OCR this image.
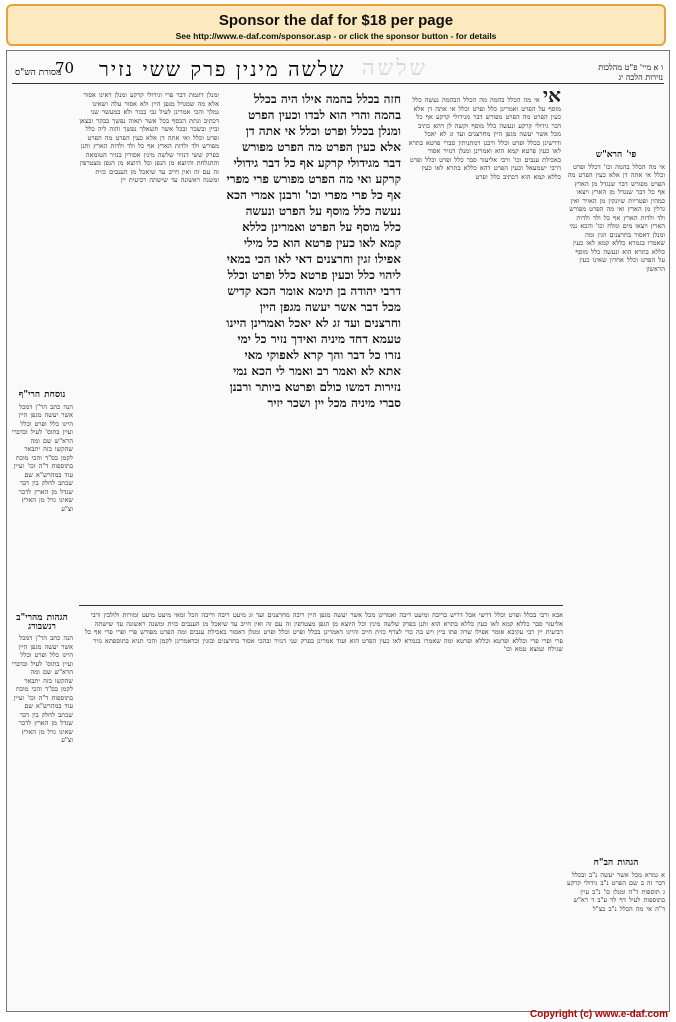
Sponsor the daf for $18 per page
See http://www.e-daf.com/sponsor.asp - or click the sponsor button - for details
מסורת הש"ס
70 שלשה מינין פרק ששי נזיר שלשה	ו א מיי' פ"ט מהלכות נזירות הלכה יג
נוסחת הרי"ף
הנה כתב הר"ן דמכל אשר יעשה מגפן היין היינו כלל ופרט וכלל ועיין בתוס' לעיל ובדברי הרא"ש שם ומה שהקשו בזה יתבאר לקמן בס"ד והכי מוכח בתוספות ד"ה וכו' ועיין עוד במהרש"א שם שכתב לחלק בין דבר שגדל מן הארץ לדבר שאינו גדל מן הארץ וצ"ע
הגהות מהרי"ב רנשבורג
הנה כתב הר"ן דמכל אשר יעשה מגפן היין היינו כלל ופרט וכלל ועיין בתוס' לעיל ובדברי הרא"ש שם ומה שהקשו בזה יתבאר לקמן בס"ד והכי מוכח בתוספות ד"ה וכו' ועיין עוד במהרש"א שם שכתב לחלק בין דבר שגדל מן הארץ לדבר שאינו גדל מן הארץ וצ"ע
ומנלן דוגמת דבר פרי וגידולי קרקע ומנלן דאינו אסור אלא מה שמגדל מגפן היין ולא אסור עלה ושאינו נמלך והכי אמרינן לעיל גבי בכור ולא במעשר שני דכתיב ונתת הכסף בכל אשר תאוה נפשך בבקר ובצאן וביין ובשכר ובכל אשר תשאלך נפשך והוה ליה כלל ופרט וכלל ואי אתה דן אלא כעין הפרט מה הפרט מפורש ולד ולדות הארץ אף כל ולד ולדות הארץ ותנן בפרק ששי דנזיר שלשה מינין אסורין בנזיר הטומאה והתגלחת והיוצא מן הגפן וכל היוצא מן הגפן מצטרפין זה עם זה ואין חייב עד שיאכל מן הענבים כזית ומשנה ראשונה עד שישתה רביעית יין
חזה בכלל בהמה אילו היה בכלל בהמה והרי הוא לבדו וכעין הפרט ומנלן בכלל ופרט וכלל אי אתה דן אלא כעין הפרט מה הפרט מפורש דבר מגידולי קרקע אף כל דבר גידולי קרקע ואי מה הפרט מפורש פרי מפרי אף כל פרי מפרי וכו' ורבנן אמרי הכא נעשה כלל מוסף על הפרט ונעשה כלל מוסף על הפרט ואמרינן כללא קמא לאו כעין פרטא הוא כל מילי אפילו זגין וחרצנים דאי לאו הכי במאי ליהוי כלל וכעין פרטא כלל ופרט וכלל דרבי יהודה בן תימא אומר הכא קדיש מכל דבר אשר יעשה מגפן היין וחרצנים ועד זג לא יאכל ואמרינן היינו טעמא דחד מיניה ואידך נזיר כל ימי נזרו כל דבר והך קרא לאפוקי מאי אתא לא ואמר רב ואמר לי הכא נמי נזירות דמשו כולם ופרטא ביותר ורבנן סברי מיניה מכל יין ושכר יזיר
אי אי מה הכלל בהמה מה הכלל הבהמה נעשה כלל מוסף על הפרט ואמרינן כלל ופרט וכלל אי אתה דן אלא כעין הפרט מה הפרט מפורש דבר מגידולי קרקע אף כל דבר גידולי קרקע ונעשה כלל מוסף וקשה לן דהא כתיב מכל אשר יעשה מגפן היין מחרצנים ועד זג לא יאכל ודרשינן בכלל ופרט וכלל ורבנן דמתניתין סברי פרטא בתרא לאו כעין פרטא קמא הוא ואמרינן ומנלן דנזיר אסור באכילת ענבים וכו' ורבי אליעזר סבר כלל ופרט וכלל ופרט דרבי ישמעאל וכעין הפרט דהא כללא בתרא לאו כעין כללא קמא הוא דכתיב כלל ופרט
פי' הרא"ש
אי מה הכלל בהמה וכו' דכלל ופרט וכלל אי אתה דן אלא כעין הפרט מה הפרט מפורש דבר שנגדל מן הארץ אף כל דבר שנגדל מן הארץ ויצאו כמהין ופטריות שיונקין מן האויר ואין גדלין מן הארץ ואי מה הפרט מפורש ולד ולדות הארץ אף כל ולד ולדות הארץ ויצאו מים ומלח וכו' והכא נמי ומנלן דאסור בחרצנים וזגין ומה שאמרו בגמרא כללא קמא לאו כעין כללא בתרא הוא ונעשה כלל מוסף על הפרט וכלל אחרון שאינו כעין הראשון
אבא ורבי בכלל ופרט וכלל דרשי אבל דריש בריבה ומיעט ריבה ואמרינן מכל אשר יעשה מגפן היין ריבה מחרצנים ועד זג מיעט ריבה וריבה הכל ומאי מיעט מיעט זמורות ולולבין ורבי אליעזר סבר כללא קמא לאו כעין כללא בתרא הוא ותנן בפרק שלשה מינין וכל היוצא מן הגפן מצטרפין זה עם זה ואין חייב עד שיאכל מן הענבים כזית ומשנה ראשונה עד שישתה רביעית יין רבי עקיבא אומר אפילו שרה פתו ביין ויש בה כדי לצרף כזית חייב והיינו דאמרינן בכלל ופרט וכלל ופרט ומנלן דאסור באכילת ענבים ומה הפרט מפורש פרי ופרי פרי אף כל פרי ופרי פרי וכללא ופרטא וכללא ופרטא ומה שאמרו בגמרא לאו כעין הפרט הוא ועוד אמרינן בפרק שני דנזיר ובהכי אסור בחרצנים ובזגין וכדאמרינן לקמן והכי תניא בתוספתא נזיר שגילח ונמצא טמא וכו'
הגהות הב"ח
א גמרא מכל אשר יעשה נ"ב ובכלל דבר זה ב שם הפרט נ"ב גידולי קרקע ג תוספות ד"ה ומנלן כו' נ"ב עיין בתוספות לעיל דף לד ע"ב ד רא"ש ד"ה אי מה הכלל נ"ב כצ"ל
Copyright (c) www.e-daf.com
